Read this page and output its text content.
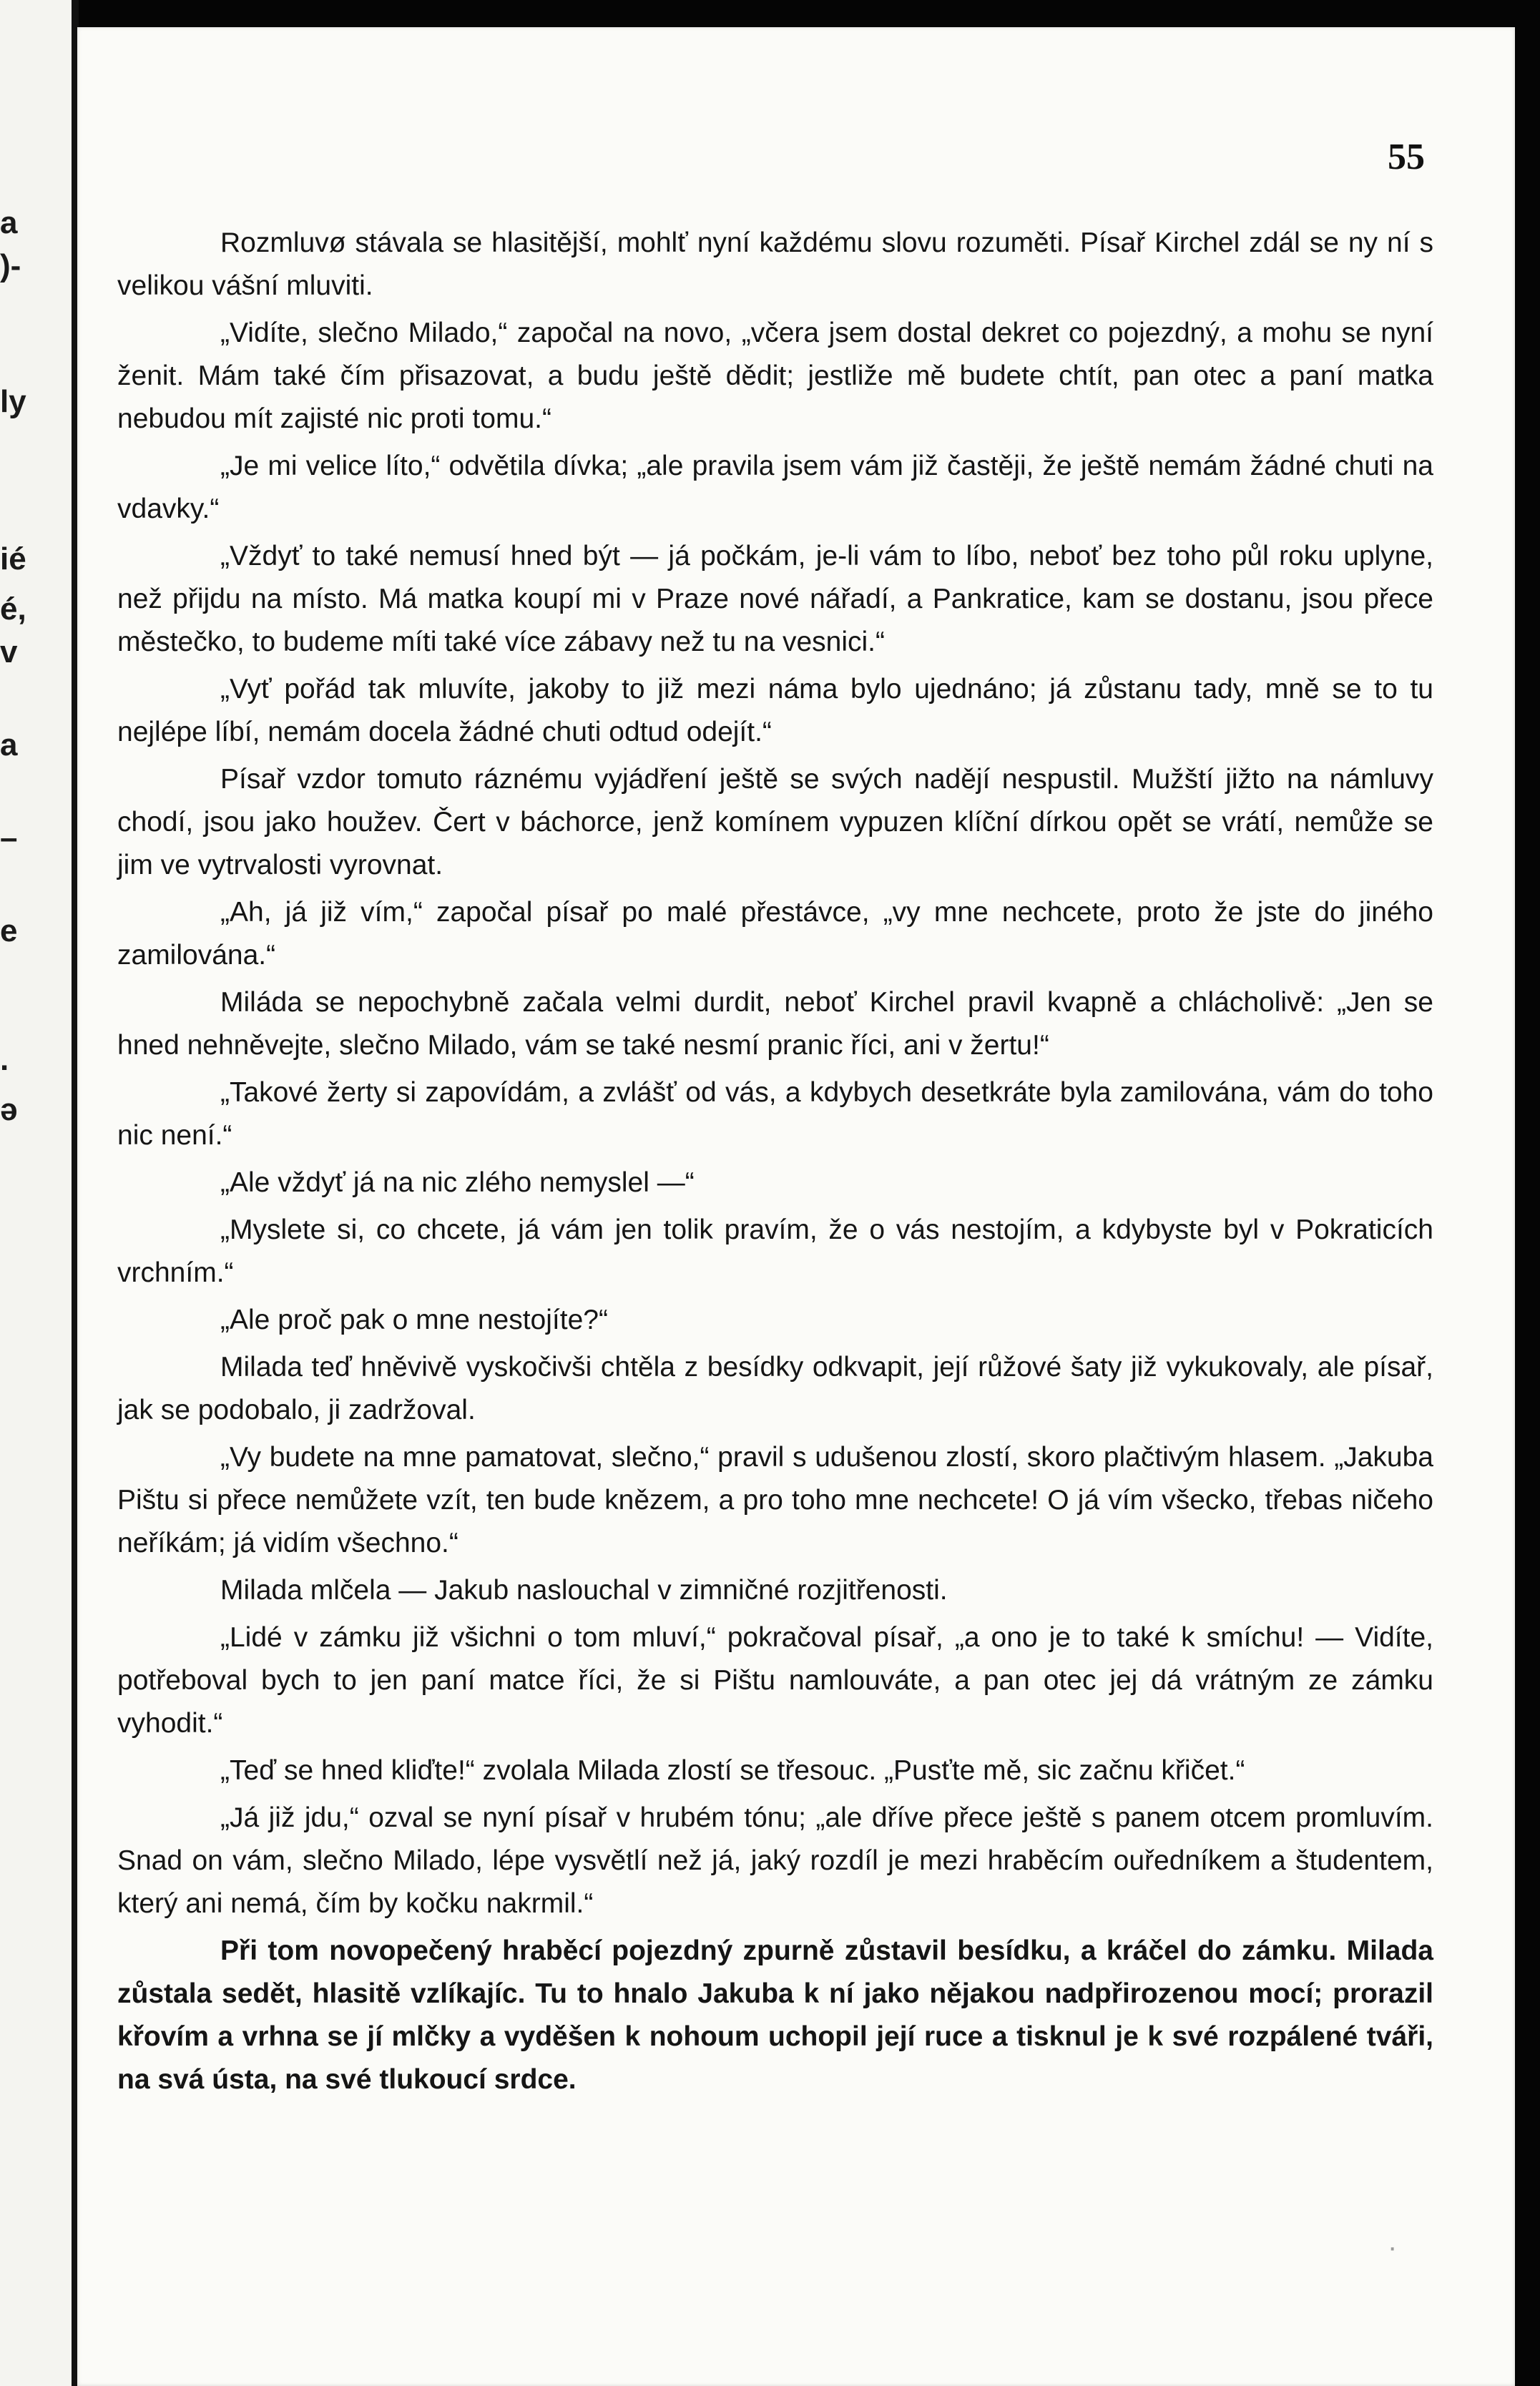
a
)-
ly
ié
é,
v
a
–
e
.
ə
55

Rozmluvø stávala se hlasitější, mohlť nyní každému slovu rozuměti. Písař Kirchel zdál se ny ní s velikou vášní mluviti.

„Vidíte, slečno Milado,“ započal na novo, „včera jsem dostal dekret co pojezdný, a mohu se nyní ženit. Mám také čím přisazovat, a budu ještě dědit; jestliže mě budete chtít, pan otec a paní matka nebudou mít zajisté nic proti tomu.“

„Je mi velice líto,“ odvětila dívka; „ale pravila jsem vám již častěji, že ještě nemám žádné chuti na vdavky.“

„Vždyť to také nemusí hned být — já počkám, je-li vám to líbo, neboť bez toho půl roku uplyne, než přijdu na místo. Má matka koupí mi v Praze nové nářadí, a Pankratice, kam se dostanu, jsou přece městečko, to budeme míti také více zábavy než tu na vesnici.“

„Vyť pořád tak mluvíte, jakoby to již mezi náma bylo ujednáno; já zůstanu tady, mně se to tu nejlépe líbí, nemám docela žádné chuti odtud odejít.“

Písař vzdor tomuto ráznému vyjádření ještě se svých nadějí nespustil. Mužští jižto na námluvy chodí, jsou jako houžev. Čert v báchorce, jenž komínem vypuzen klíční dírkou opět se vrátí, nemůže se jim ve vytrvalosti vyrovnat.

„Ah, já již vím,“ započal písař po malé přestávce, „vy mne nechcete, proto že jste do jiného zamilována.“

Miláda se nepochybně začala velmi durdit, neboť Kirchel pravil kvapně a chlácholivě: „Jen se hned nehněvejte, slečno Milado, vám se také nesmí pranic říci, ani v žertu!“

„Takové žerty si zapovídám, a zvlášť od vás, a kdybych desetkráte byla zamilována, vám do toho nic není.“

„Ale vždyť já na nic zlého nemyslel —“

„Myslete si, co chcete, já vám jen tolik pravím, že o vás nestojím, a kdybyste byl v Pokraticích vrchním.“

„Ale proč pak o mne nestojíte?“

Milada teď hněvivě vyskočivši chtěla z besídky odkvapit, její růžové šaty již vykukovaly, ale písař, jak se podobalo, ji zadržoval.

„Vy budete na mne pamatovat, slečno,“ pravil s udušenou zlostí, skoro plačtivým hlasem. „Jakuba Pištu si přece nemůžete vzít, ten bude knězem, a pro toho mne nechcete! O já vím všecko, třebas ničeho neříkám; já vidím všechno.“

Milada mlčela — Jakub naslouchal v zimničné rozjitřenosti.

„Lidé v zámku již všichni o tom mluví,“ pokračoval písař, „a ono je to také k smíchu! — Vidíte, potřeboval bych to jen paní matce říci, že si Pištu namlouváte, a pan otec jej dá vrátným ze zámku vyhodit.“

„Teď se hned kliďte!“ zvolala Milada zlostí se třesouc. „Pusťte mě, sic začnu křičet.“

„Já již jdu,“ ozval se nyní písař v hrubém tónu; „ale dříve přece ještě s panem otcem promluvím. Snad on vám, slečno Milado, lépe vysvětlí než já, jaký rozdíl je mezi hraběcím ouředníkem a študentem, který ani nemá, čím by kočku nakrmil.“

Při tom novopečený hraběcí pojezdný zpurně zůstavil besídku, a kráčel do zámku. Milada zůstala sedět, hlasitě vzlíkajíc. Tu to hnalo Jakuba k ní jako nějakou nadpřirozenou mocí; prorazil křovím a vrhna se jí mlčky a vyděšen k nohoum uchopil její ruce a tisknul je k své rozpálené tváři, na svá ústa, na své tlukoucí srdce.

·
